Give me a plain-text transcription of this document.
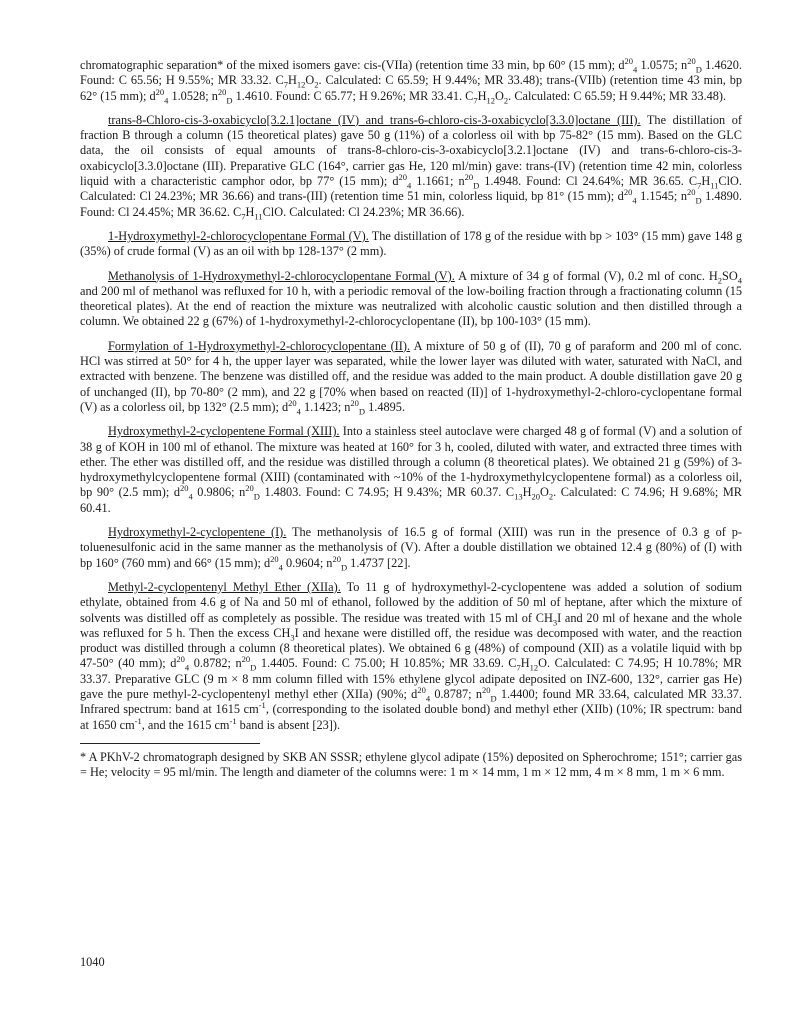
chromatographic separation* of the mixed isomers gave: cis-(VIIa) (retention time 33 min, bp 60° (15 mm); $d^{20}_4$ 1.0575; $n^{20}_D$ 1.4620. Found: C 65.56; H 9.55%; MR 33.32. $C_7H_{12}O_2$. Calculated: C 65.59; H 9.44%; MR 33.48); trans-(VIIb) (retention time 43 min, bp 62° (15 mm); $d^{20}_4$ 1.0528; $n^{20}_D$ 1.4610. Found: C 65.77; H 9.26%; MR 33.41. $C_7H_{12}O_2$. Calculated: C 65.59; H 9.44%; MR 33.48).

trans-8-Chloro-cis-3-oxabicyclo[3.2.1]octane (IV) and trans-6-chloro-cis-3-oxabicyclo[3.3.0]octane (III). The distillation of fraction B through a column (15 theoretical plates) gave 50 g (11%) of a colorless oil with bp 75-82° (15 mm). Based on the GLC data, the oil consists of equal amounts of trans-8-chloro-cis-3-oxabicyclo[3.2.1]octane (IV) and trans-6-chloro-cis-3-oxabicyclo[3.3.0]octane (III). Preparative GLC (164°, carrier gas He, 120 ml/min) gave: trans-(IV) (retention time 42 min, colorless liquid with a characteristic camphor odor, bp 77° (15 mm); $d^{20}_4$ 1.1661; $n^{20}_D$ 1.4948. Found: Cl 24.64%; MR 36.65. $C_7H_{11}ClO$. Calculated: Cl 24.23%; MR 36.66) and trans-(III) (retention time 51 min, colorless liquid, bp 81° (15 mm); $d^{20}_4$ 1.1545; $n^{20}_D$ 1.4890. Found: Cl 24.45%; MR 36.62. $C_7H_{11}ClO$. Calculated: Cl 24.23%; MR 36.66).

1-Hydroxymethyl-2-chlorocyclopentane Formal (V). The distillation of 178 g of the residue with bp > 103° (15 mm) gave 148 g (35%) of crude formal (V) as an oil with bp 128-137° (2 mm).

Methanolysis of 1-Hydroxymethyl-2-chlorocyclopentane Formal (V). A mixture of 34 g of formal (V), 0.2 ml of conc. $H_2SO_4$ and 200 ml of methanol was refluxed for 10 h, with a periodic removal of the low-boiling fraction through a fractionating column (15 theoretical plates). At the end of reaction the mixture was neutralized with alcoholic caustic solution and then distilled through a column. We obtained 22 g (67%) of 1-hydroxymethyl-2-chlorocyclopentane (II), bp 100-103° (15 mm).

Formylation of 1-Hydroxymethyl-2-chlorocyclopentane (II). A mixture of 50 g of (II), 70 g of paraform and 200 ml of conc. HCl was stirred at 50° for 4 h, the upper layer was separated, while the lower layer was diluted with water, saturated with NaCl, and extracted with benzene. The benzene was distilled off, and the residue was added to the main product. A double distillation gave 20 g of unchanged (II), bp 70-80° (2 mm), and 22 g [70% when based on reacted (II)] of 1-hydroxymethyl-2-chloro-cyclopentane formal (V) as a colorless oil, bp 132° (2.5 mm); $d^{20}_4$ 1.1423; $n^{20}_D$ 1.4895.

Hydroxymethyl-2-cyclopentene Formal (XIII). Into a stainless steel autoclave were charged 48 g of formal (V) and a solution of 38 g of KOH in 100 ml of ethanol. The mixture was heated at 160° for 3 h, cooled, diluted with water, and extracted three times with ether. The ether was distilled off, and the residue was distilled through a column (8 theoretical plates). We obtained 21 g (59%) of 3-hydroxymethylcyclopentene formal (XIII) (contaminated with ~10% of the 1-hydroxymethylcyclopentene formal) as a colorless oil, bp 90° (2.5 mm); $d^{20}_4$ 0.9806; $n^{20}_D$ 1.4803. Found: C 74.95; H 9.43%; MR 60.37. $C_{13}H_{20}O_2$. Calculated: C 74.96; H 9.68%; MR 60.41.

Hydroxymethyl-2-cyclopentene (I). The methanolysis of 16.5 g of formal (XIII) was run in the presence of 0.3 g of p-toluenesulfonic acid in the same manner as the methanolysis of (V). After a double distillation we obtained 12.4 g (80%) of (I) with bp 160° (760 mm) and 66° (15 mm); $d^{20}_4$ 0.9604; $n^{20}_D$ 1.4737 [22].

Methyl-2-cyclopentenyl Methyl Ether (XIIa). To 11 g of hydroxymethyl-2-cyclopentene was added a solution of sodium ethylate, obtained from 4.6 g of Na and 50 ml of ethanol, followed by the addition of 50 ml of heptane, after which the mixture of solvents was distilled off as completely as possible. The residue was treated with 15 ml of $CH_3I$ and 20 ml of hexane and the whole was refluxed for 5 h. Then the excess $CH_3I$ and hexane were distilled off, the residue was decomposed with water, and the reaction product was distilled through a column (8 theoretical plates). We obtained 6 g (48%) of compound (XII) as a volatile liquid with bp 47-50° (40 mm); $d^{20}_4$ 0.8782; $n^{20}_D$ 1.4405. Found: C 75.00; H 10.85%; MR 33.69. $C_7H_{12}O$. Calculated: C 74.95; H 10.78%; MR 33.37. Preparative GLC (9 m × 8 mm column filled with 15% ethylene glycol adipate deposited on INZ-600, 132°, carrier gas He) gave the pure methyl-2-cyclopentenyl methyl ether (XIIa) (90%; $d^{20}_4$ 0.8787; $n^{20}_D$ 1.4400; found MR 33.64, calculated MR 33.37. Infrared spectrum: band at 1615 $cm^{-1}$, (corresponding to the isolated double bond) and methyl ether (XIIb) (10%; IR spectrum: band at 1650 $cm^{-1}$, and the 1615 $cm^{-1}$ band is absent [23]).

* A PKhV-2 chromatograph designed by SKB AN SSSR; ethylene glycol adipate (15%) deposited on Spherochrome; 151°; carrier gas = He; velocity = 95 ml/min. The length and diameter of the columns were: 1 m × 14 mm, 1 m × 12 mm, 4 m × 8 mm, 1 m × 6 mm.

1040
